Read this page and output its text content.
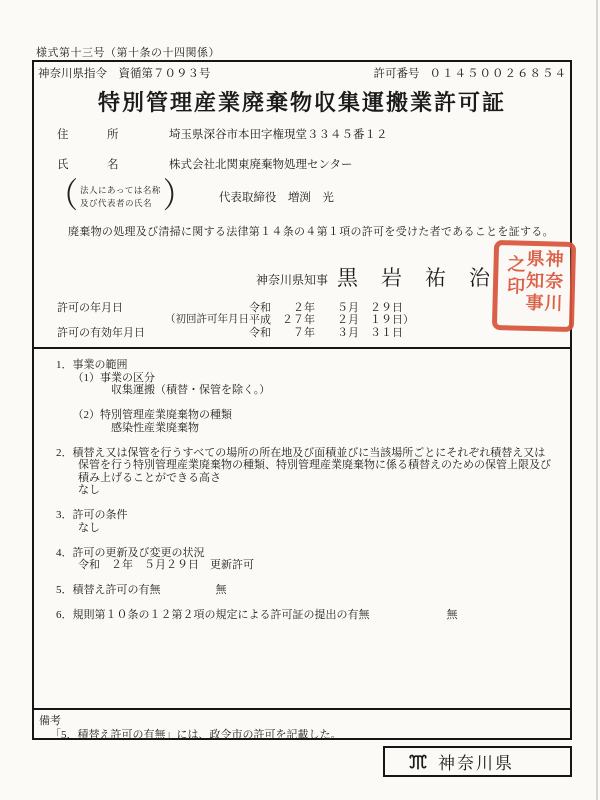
様式第十三号（第十条の十四関係）
神奈川県指令　資循第７０９３号	許可番号 ０１４５００２６８５４
特別管理産業廃棄物収集運搬業許可証
住　　　所	埼玉県深谷市本田字権現堂３３４５番１２
氏　　　名	株式会社北関東廃棄物処理センター
（ 法人にあっては名称
及び代表者の氏名 ） 代表取締役　増渕　光
廃棄物の処理及び清掃に関する法律第１４条の４第１項の許可を受けた者であることを証する。
神奈川県知事 黒　岩　祐　治
許可の年月日	令和　　２年　　５月　２９日
（初回許可年月日 平成　２７年　　２月　１９日）
許可の有効年月日	令和　　７年　　３月　３１日
1．事業の範囲
　　（1）事業の区分
　　　　　収集運搬（積替・保管を除く。）
　　（2）特別管理産業廃棄物の種類
　　　　　感染性産業廃棄物
2．積替え又は保管を行うすべての場所の所在地及び面積並びに当該場所ごとにそれぞれ積替え又は
　　保管を行う特別管理産業廃棄物の種類、特別管理産業廃棄物に係る積替えのための保管上限及び
　　積み上げることができる高さ
　　なし
3．許可の条件
　　なし
4．許可の更新及び変更の状況
　　令和　２年　５月２９日　更新許可
5．積替え許可の有無　　　　　無
6．規則第１０条の１２第２項の規定による許可証の提出の有無　　　　　　　無
備考
「5．積替え許可の有無」には、政令市の許可を記載した。
神奈川
県知事
之印
神奈川県
